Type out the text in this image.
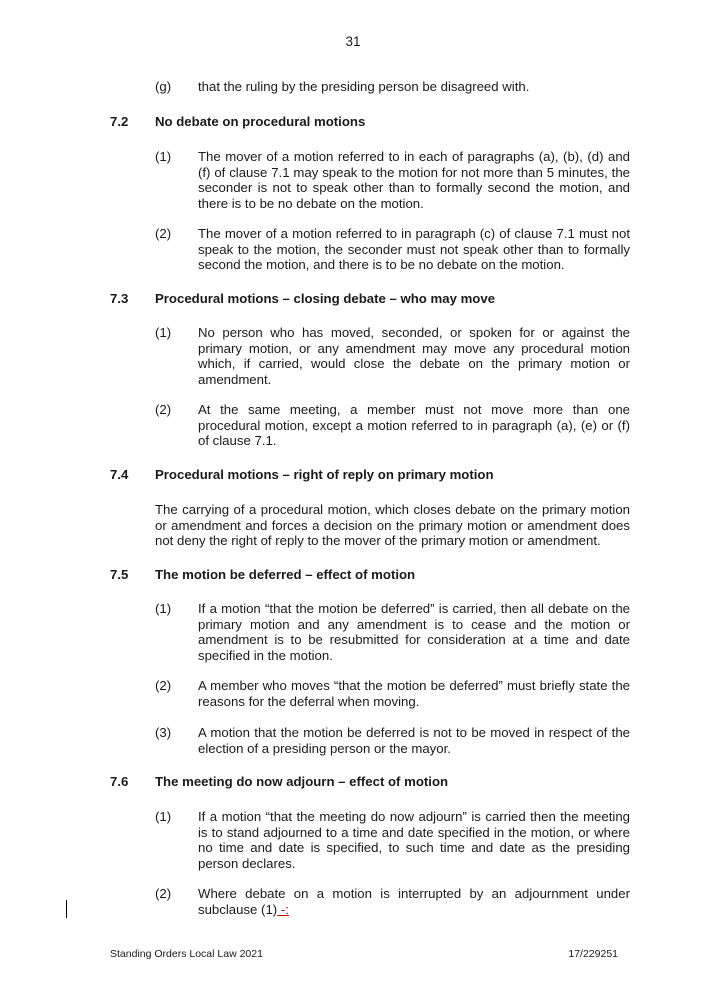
31
(g) that the ruling by the presiding person be disagreed with.
7.2 No debate on procedural motions
(1) The mover of a motion referred to in each of paragraphs (a), (b), (d) and (f) of clause 7.1 may speak to the motion for not more than 5 minutes, the seconder is not to speak other than to formally second the motion, and there is to be no debate on the motion.
(2) The mover of a motion referred to in paragraph (c) of clause 7.1 must not speak to the motion, the seconder must not speak other than to formally second the motion, and there is to be no debate on the motion.
7.3 Procedural motions – closing debate – who may move
(1) No person who has moved, seconded, or spoken for or against the primary motion, or any amendment may move any procedural motion which, if carried, would close the debate on the primary motion or amendment.
(2) At the same meeting, a member must not move more than one procedural motion, except a motion referred to in paragraph (a), (e) or (f) of clause 7.1.
7.4 Procedural motions – right of reply on primary motion
The carrying of a procedural motion, which closes debate on the primary motion or amendment and forces a decision on the primary motion or amendment does not deny the right of reply to the mover of the primary motion or amendment.
7.5 The motion be deferred – effect of motion
(1) If a motion “that the motion be deferred” is carried, then all debate on the primary motion and any amendment is to cease and the motion or amendment is to be resubmitted for consideration at a time and date specified in the motion.
(2) A member who moves “that the motion be deferred” must briefly state the reasons for the deferral when moving.
(3) A motion that the motion be deferred is not to be moved in respect of the election of a presiding person or the mayor.
7.6 The meeting do now adjourn – effect of motion
(1) If a motion “that the meeting do now adjourn” is carried then the meeting is to stand adjourned to a time and date specified in the motion, or where no time and date is specified, to such time and date as the presiding person declares.
(2) Where debate on a motion is interrupted by an adjournment under subclause (1) -:
Standing Orders Local Law 2021	17/229251
